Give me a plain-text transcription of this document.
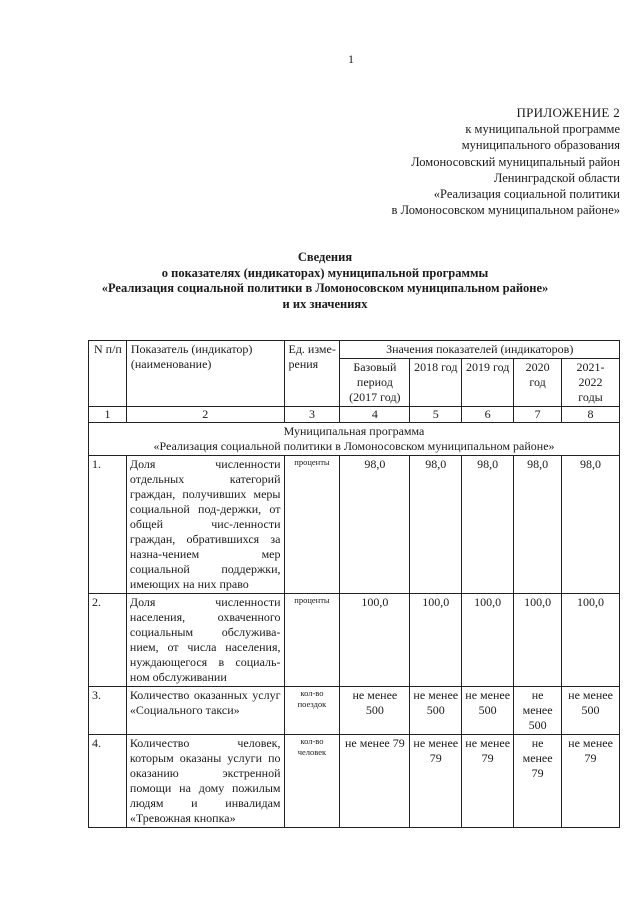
1
ПРИЛОЖЕНИЕ 2
к муниципальной программе
муниципального образования
Ломоносовский муниципальный район
Ленинградской области
«Реализация социальной политики
в Ломоносовском муниципальном районе»
Сведения
о показателях (индикаторах) муниципальной программы
«Реализация социальной политики в Ломоносовском муниципальном районе»
и их значениях
N п/п	Показатель (индикатор) (наименование)	Ед. изме- рения	Значения показателей (индикаторов)				
			Базовый период (2017 год)	2018 год	2019 год	2020 год	2021- 2022 годы
1	2	3	4	5	6	7	8

Муниципальная программа
«Реализация социальной политики в Ломоносовском муниципальном районе»							

1.	Доля численности отдельных категорий граждан, получивших меры социальной под-держки, от общей чис-ленности граждан, обратившихся за назна-чением мер социальной поддержки, имеющих на них право	проценты	98,0	98,0	98,0	98,0	98,0
2.	Доля численности населения, охваченного социальным обслужива-нием, от числа населения, нуждающегося в социаль-ном обслуживании	проценты	100,0	100,0	100,0	100,0	100,0
3.	Количество оказанных услуг «Социального такси»	кол-во поездок	не менее 500	не менее 500	не менее 500	не менее 500	не менее 500
4.	Количество человек, которым оказаны услуги по оказанию экстренной помощи на дому пожилым людям и инвалидам «Тревожная кнопка»	кол-во человек	не менее 79	не менее 79	не менее 79	не менее 79	не менее 79
